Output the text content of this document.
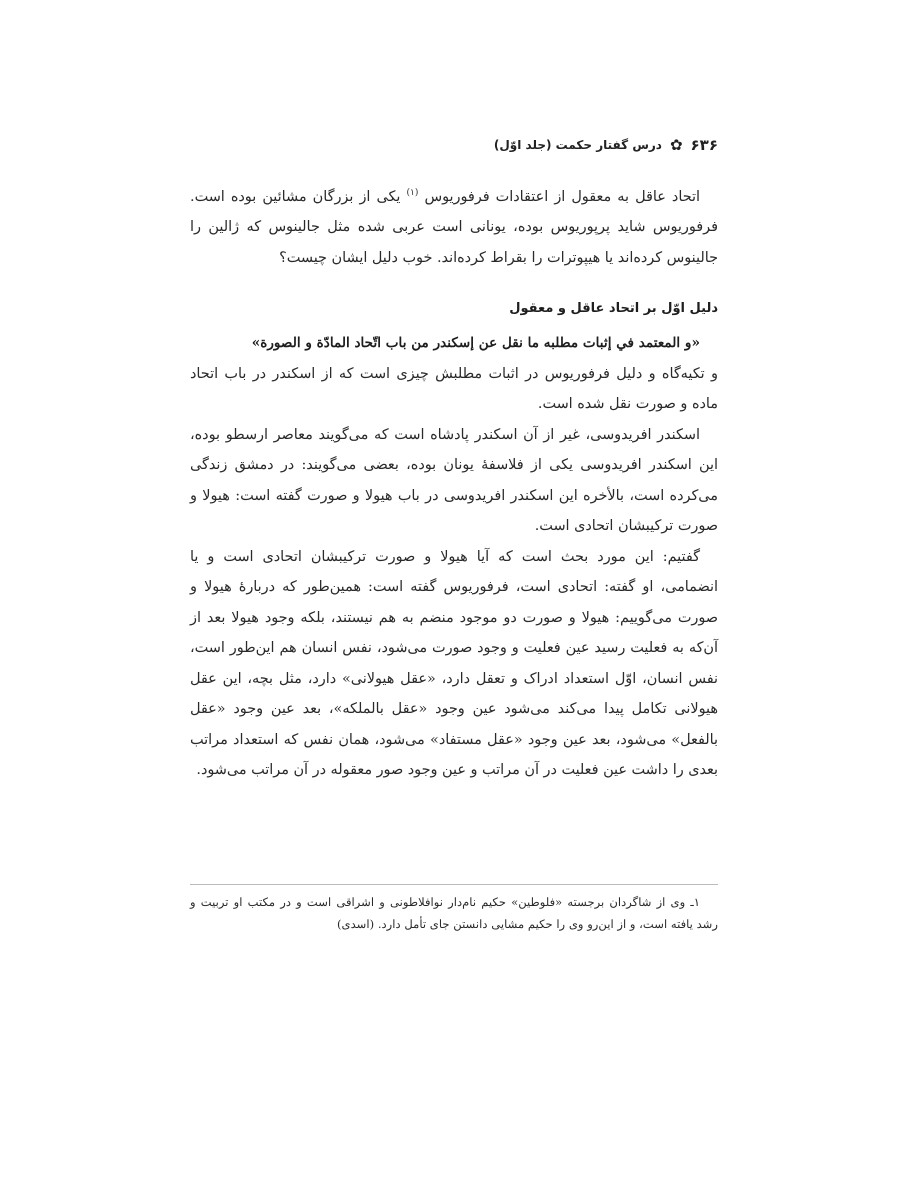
۶۳۶
✿
درس گفتار حکمت (جلد اوّل)

اتحاد عاقل به معقول از اعتقادات فرفوریوس $^{(۱)}$ یکی از بزرگان مشائین بوده است. فرفوریوس شاید پرپوریوس بوده، یونانی است عربی شده مثل جالینوس که ژالین را جالینوس کرده‌اند یا هیپوترات را بقراط کرده‌اند. خوب دلیل ایشان چیست؟

دلیل اوّل بر اتحاد عاقل و معقول

«و المعتمد في إثبات مطلبه ما نقل عن إسكندر من باب اتّحاد المادّة و الصورة»

و تکیه‌گاه و دلیل فرفوریوس در اثبات مطلبش چیزی است که از اسکندر در باب اتحاد ماده و صورت نقل شده است.

اسکندر افریدوسی، غیر از آن اسکندر پادشاه است که می‌گویند معاصر ارسطو بوده، این اسکندر افریدوسی یکی از فلاسفهٔ یونان بوده، بعضی می‌گویند: در دمشق زندگی می‌کرده است، بالأخره این اسکندر افریدوسی در باب هیولا و صورت گفته است: هیولا و صورت ترکیبشان اتحادی است.

گفتیم: این مورد بحث است که آیا هیولا و صورت ترکیبشان اتحادی است و یا انضمامی، او گفته: اتحادی است، فرفوریوس گفته است: همین‌طور که دربارهٔ هیولا و صورت می‌گوییم: هیولا و صورت دو موجود منضم به هم نیستند، بلکه وجود هیولا بعد از آن‌که به فعلیت رسید عین فعلیت و وجود صورت می‌شود، نفس انسان هم این‌طور است، نفس انسان، اوّل استعداد ادراک و تعقل دارد، «عقل هیولانی» دارد، مثل بچه، این عقل هیولانی تکامل پیدا می‌کند می‌شود عین وجود «عقل بالملکه»، بعد عین وجود «عقل بالفعل» می‌شود، بعد عین وجود «عقل مستفاد» می‌شود، همان نفس که استعداد مراتب بعدی را داشت عین فعلیت در آن مراتب و عین وجود صور معقوله در آن مراتب می‌شود.

۱ـ وی از شاگردان برجسته «فلوطین» حکیم نام‌دار نوافلاطونی و اشراقی است و در مکتب او تربیت و رشد یافته است، و از این‌رو وی را حکیم مشایی دانستن جای تأمل دارد. (اسدی)
